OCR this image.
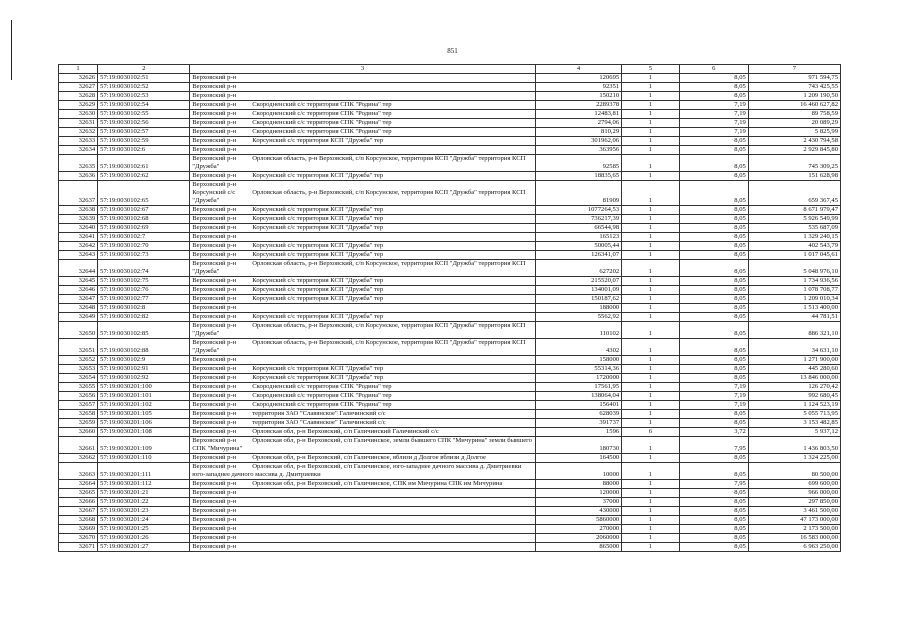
851
1	2	3	4	5	6	7
32626	57:19:0030102:51	Верховский р-н	120695	1	8,05	971 594,75
32627	57:19:0030102:52	Верховский р-н	92351	1	8,05	743 425,55
32628	57:19:0030102:53	Верховский р-н	150210	1	8,05	1 209 190,50
32629	57:19:0030102:54	Верховский р-н Скородненский с/с территория СПК "Родина" тер	2289378	1	7,19	16 460 627,82
32630	57:19:0030102:55	Верховский р-н Скородненский с/с территория СПК "Родина" тер	12483,81	1	7,19	89 758,59
32631	57:19:0030102:56	Верховский р-н Скородненский с/с территория СПК "Родина" тер	2794,06	1	7,19	20 089,29
32632	57:19:0030102:57	Верховский р-н Скородненский с/с территория СПК "Родина" тер	810,29	1	7,19	5 825,99
32633	57:19:0030102:59	Верховский р-н Корсунский с/с территория КСП "Дружба" тер	301962,06	1	8,05	2 430 794,58
32634	57:19:0030102:6	Верховский р-н	363956	1	8,05	2 929 845,80
32635	57:19:0030102:61	Верховский р-н Орловская область, р-н Верховский, с/п Корсунское, территория КСП "Дружба" территория КСП "Дружба"	92585	1	8,05	745 309,25
32636	57:19:0030102:62	Верховский р-н Корсунский с/с территория КСП "Дружба" тер	18835,65	1	8,05	151 628,98
32637	57:19:0030102:65	Верховский р-н Корсунский с/с Орловская область, р-н Верховский, с/п Корсунское, территория КСП "Дружба" территория КСП "Дружба"	81909	1	8,05	659 367,45
32638	57:19:0030102:67	Верховский р-н Корсунский с/с территория КСП "Дружба" тер	1077264,53	1	8,05	8 671 979,47
32639	57:19:0030102:68	Верховский р-н Корсунский с/с территория КСП "Дружба" тер	736217,39	1	8,05	5 926 549,99
32640	57:19:0030102:69	Верховский р-н Корсунский с/с территория КСП "Дружба" тер	66544,98	1	8,05	535 687,09
32641	57:19:0030102:7	Верховский р-н	165123	1	8,05	1 329 240,15
32642	57:19:0030102:70	Верховский р-н Корсунский с/с территория КСП "Дружба" тер	50005,44	1	8,05	402 543,79
32643	57:19:0030102:73	Верховский р-н Корсунский с/с территория КСП "Дружба" тер	126341,07	1	8,05	1 017 045,61
32644	57:19:0030102:74	Верховский р-н Орловская область, р-н Верховский, с/п Корсунское, территория КСП "Дружба" территория КСП "Дружба"	627202	1	8,05	5 048 976,10
32645	57:19:0030102:75	Верховский р-н Корсунский с/с территория КСП "Дружба" тер	215520,07	1	8,05	1 734 936,56
32646	57:19:0030102:76	Верховский р-н Корсунский с/с территория КСП "Дружба" тер	134001,09	1	8,05	1 078 708,77
32647	57:19:0030102:77	Верховский р-н Корсунский с/с территория КСП "Дружба" тер	150187,62	1	8,05	1 209 010,34
32648	57:19:0030102:8	Верховский р-н	188000	1	8,05	1 513 400,00
32649	57:19:0030102:82	Верховский р-н Корсунский с/с территория КСП "Дружба" тер	5562,92	1	8,05	44 781,51
32650	57:19:0030102:85	Верховский р-н Орловская область, р-н Верховский, с/п Корсунское, территория КСП "Дружба" территория КСП "Дружба"	110102	1	8,05	886 321,10
32651	57:19:0030102:88	Верховский р-н Орловская область, р-н Верховский, с/п Корсунское, территория КСП "Дружба" территория КСП "Дружба"	4302	1	8,05	34 631,10
32652	57:19:0030102:9	Верховский р-н	158000	1	8,05	1 271 900,00
32653	57:19:0030102:91	Верховский р-н Корсунский с/с территория КСП "Дружба" тер	55314,36	1	8,05	445 280,60
32654	57:19:0030102:92	Верховский р-н Корсунский с/с территория КСП "Дружба" тер	1720000	1	8,05	13 846 000,00
32655	57:19:0030201:100	Верховский р-н Скородненский с/с территория СПК "Родина" тер	17561,95	1	7,19	126 270,42
32656	57:19:0030201:101	Верховский р-н Скородненский с/с территория СПК "Родина" тер	138064,04	1	7,19	992 680,45
32657	57:19:0030201:102	Верховский р-н Скородненский с/с территория СПК "Родина" тер	156401	1	7,19	1 124 523,19
32658	57:19:0030201:105	Верховский р-н территория ЗАО "Славянское" Галичинский с/с	628039	1	8,05	5 055 713,95
32659	57:19:0030201:106	Верховский р-н территория ЗАО "Славянское" Галичинский с/с	391737	1	8,05	3 153 482,85
32660	57:19:0030201:108	Верховский р-н Орловская обл, р-н Верховский, с/п Галичинский Галичинский с/с	1596	6	3,72	5 937,12
32661	57:19:0030201:109	Верховский р-н Орловская обл, р-н Верховский, с/п Галичинское, земли бывшего СПК "Мичурина" земли бывшего СПК "Мичурина"	180730	1	7,95	1 436 803,50
32662	57:19:0030201:110	Верховский р-н Орловская обл, р-н Верховский, с/п Галичинское, вблизи д Долгое вблизи д Долгое	164500	1	8,05	1 324 225,00
32663	57:19:0030201:111	Верховский р-н Орловская обл, р-н Верховский, с/п Галичинское, юго-западнее дачного массива д. Дмитриевки юго-западнее дачного массива д. Дмитриевки	10000	1	8,05	80 500,00
32664	57:19:0030201:112	Верховский р-н Орловская обл, р-н Верховский, с/п Галичинское, СПК им Мичурина СПК им Мичурина	88000	1	7,95	699 600,00
32665	57:19:0030201:21	Верховский р-н	120000	1	8,05	966 000,00
32666	57:19:0030201:22	Верховский р-н	37000	1	8,05	297 850,00
32667	57:19:0030201:23	Верховский р-н	430000	1	8,05	3 461 500,00
32668	57:19:0030201:24	Верховский р-н	5860000	1	8,05	47 173 000,00
32669	57:19:0030201:25	Верховский р-н	270000	1	8,05	2 173 500,00
32670	57:19:0030201:26	Верховский р-н	2060000	1	8,05	16 583 000,00
32671	57:19:0030201:27	Верховский р-н	865000	1	8,05	6 963 250,00
